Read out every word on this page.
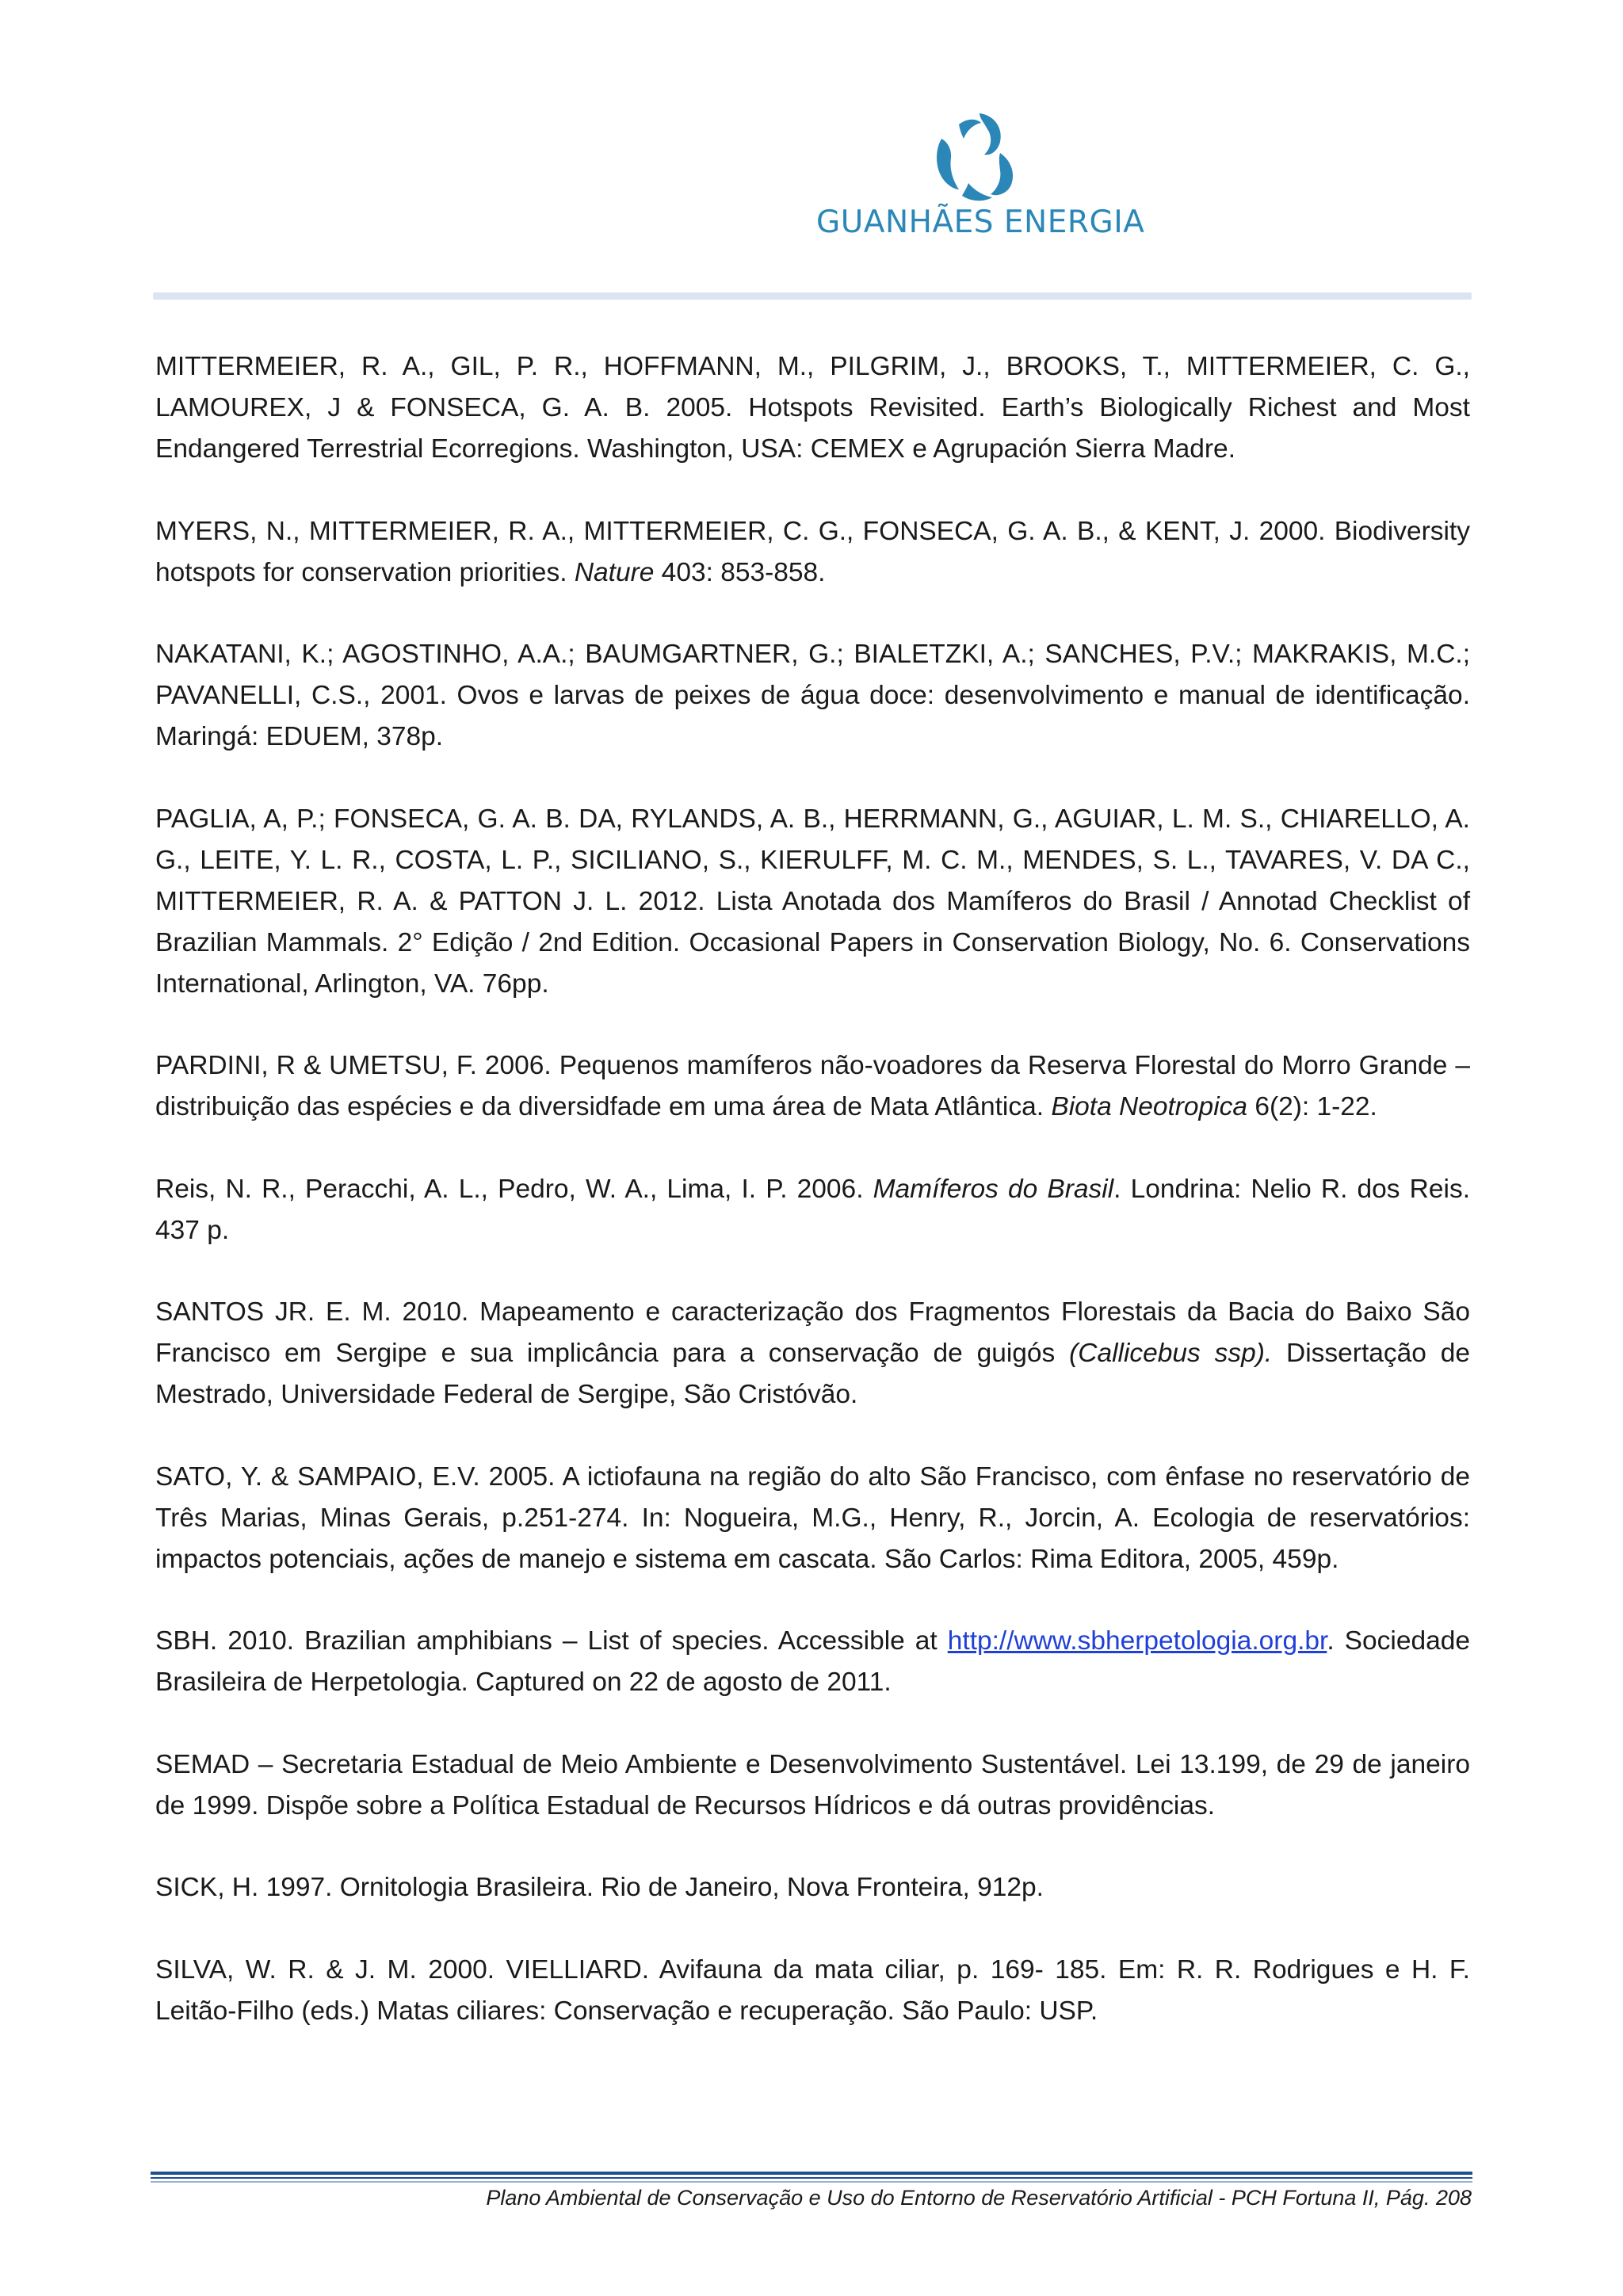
GUANHÃES ENERGIA

MITTERMEIER, R. A., GIL, P. R., HOFFMANN, M., PILGRIM, J., BROOKS, T., MITTERMEIER, C. G., LAMOUREX, J & FONSECA, G. A. B. 2005. Hotspots Revisited. Earth’s Biologically Richest and Most Endangered Terrestrial Ecorregions. Washington, USA: CEMEX e Agrupación Sierra Madre.

MYERS, N., MITTERMEIER, R. A., MITTERMEIER, C. G., FONSECA, G. A. B., & KENT, J. 2000. Biodiversity hotspots for conservation priorities. Nature 403: 853-858.

NAKATANI, K.; AGOSTINHO, A.A.; BAUMGARTNER, G.; BIALETZKI, A.; SANCHES, P.V.; MAKRAKIS, M.C.; PAVANELLI, C.S., 2001. Ovos e larvas de peixes de água doce: desenvolvimento e manual de identificação. Maringá: EDUEM, 378p.

PAGLIA, A, P.; FONSECA, G. A. B. DA, RYLANDS, A. B., HERRMANN, G., AGUIAR, L. M. S., CHIARELLO, A. G., LEITE, Y. L. R., COSTA, L. P., SICILIANO, S., KIERULFF, M. C. M., MENDES, S. L., TAVARES, V. DA C., MITTERMEIER, R. A. & PATTON J. L. 2012. Lista Anotada dos Mamíferos do Brasil / Annotad Checklist of Brazilian Mammals. 2° Edição / 2nd Edition. Occasional Papers in Conservation Biology, No. 6. Conservations International, Arlington, VA. 76pp.

PARDINI, R & UMETSU, F. 2006. Pequenos mamíferos não-voadores da Reserva Florestal do Morro Grande – distribuição das espécies e da diversidfade em uma área de Mata Atlântica. Biota Neotropica 6(2): 1-22.

Reis, N. R., Peracchi, A. L., Pedro, W. A., Lima, I. P. 2006. Mamíferos do Brasil. Londrina: Nelio R. dos Reis. 437 p.

SANTOS JR. E. M. 2010. Mapeamento e caracterização dos Fragmentos Florestais da Bacia do Baixo São Francisco em Sergipe e sua implicância para a conservação de guigós (Callicebus ssp). Dissertação de Mestrado, Universidade Federal de Sergipe, São Cristóvão.

SATO, Y. & SAMPAIO, E.V. 2005. A ictiofauna na região do alto São Francisco, com ênfase no reservatório de Três Marias, Minas Gerais, p.251-274. In: Nogueira, M.G., Henry, R., Jorcin, A. Ecologia de reservatórios: impactos potenciais, ações de manejo e sistema em cascata. São Carlos: Rima Editora, 2005, 459p.

SBH. 2010. Brazilian amphibians – List of species. Accessible at http://www.sbherpetologia.org.br. Sociedade Brasileira de Herpetologia. Captured on 22 de agosto de 2011.

SEMAD – Secretaria Estadual de Meio Ambiente e Desenvolvimento Sustentável. Lei 13.199, de 29 de janeiro de 1999. Dispõe sobre a Política Estadual de Recursos Hídricos e dá outras providências.

SICK, H. 1997. Ornitologia Brasileira. Rio de Janeiro, Nova Fronteira, 912p.

SILVA, W. R. & J. M. 2000. VIELLIARD. Avifauna da mata ciliar, p. 169- 185. Em: R. R. Rodrigues e H. F. Leitão-Filho (eds.) Matas ciliares: Conservação e recuperação. São Paulo: USP.

Plano Ambiental de Conservação e Uso do Entorno de Reservatório Artificial - PCH Fortuna II, Pág. 208
